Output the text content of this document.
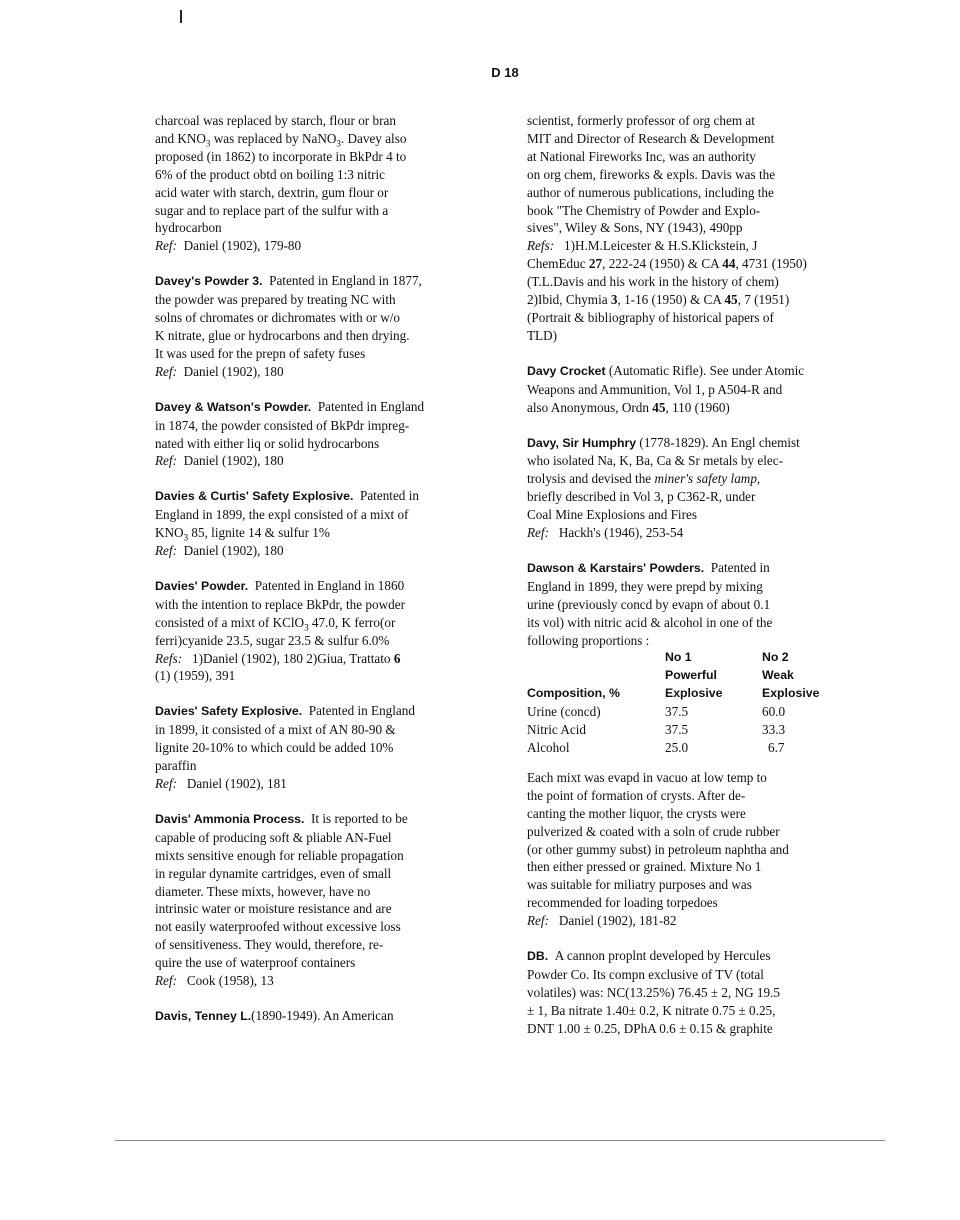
D 18
charcoal was replaced by starch, flour or bran
and $KNO_3$ was replaced by NaNO$_3$. Davey also
proposed (in 1862) to incorporate in BkPdr 4 to
6% of the product obtd on boiling 1:3 nitric
acid water with starch, dextrin, gum flour or
sugar and to replace part of the sulfur with a
hydrocarbon
Ref: Daniel (1902), 179-80
Davey's Powder 3. Patented in England in 1877,
the powder was prepared by treating NC with
solns of chromates or dichromates with or w/o
K nitrate, glue or hydrocarbons and then drying.
It was used for the prepn of safety fuses
Ref: Daniel (1902), 180
Davey & Watson's Powder. Patented in England
in 1874, the powder consisted of BkPdr impreg-
nated with either liq or solid hydrocarbons
Ref: Daniel (1902), 180
Davies & Curtis' Safety Explosive. Patented in
England in 1899, the expl consisted of a mixt of
$KNO_3$ 85, lignite 14 & sulfur 1%
Ref: Daniel (1902), 180
Davies' Powder. Patented in England in 1860
with the intention to replace BkPdr, the powder
consisted of a mixt of KClO$_3$ 47.0, K ferro(or
ferri)cyanide 23.5, sugar 23.5 & sulfur 6.0%
Refs: 1)Daniel (1902), 180 2)Giua, Trattato 6
(1) (1959), 391
Davies' Safety Explosive. Patented in England
in 1899, it consisted of a mixt of AN 80-90 &
lignite 20-10% to which could be added 10%
paraffin
Ref: Daniel (1902), 181
Davis' Ammonia Process. It is reported to be
capable of producing soft & pliable AN-Fuel
mixts sensitive enough for reliable propagation
in regular dynamite cartridges, even of small
diameter. These mixts, however, have no
intrinsic water or moisture resistance and are
not easily waterproofed without excessive loss
of sensitiveness. They would, therefore, re-
quire the use of waterproof containers
Ref: Cook (1958), 13
Davis, Tenney L.(1890-1949). An American
scientist, formerly professor of org chem at
MIT and Director of Research & Development
at National Fireworks Inc, was an authority
on org chem, fireworks & expls. Davis was the
author of numerous publications, including the
book "The Chemistry of Powder and Explo-
sives", Wiley & Sons, NY (1943), 490pp
Refs: 1)H.M.Leicester & H.S.Klickstein, J
ChemEduc 27, 222-24 (1950) & CA 44, 4731 (1950)
(T.L.Davis and his work in the history of chem)
2)Ibid, Chymia 3, 1-16 (1950) & CA 45, 7 (1951)
(Portrait & bibliography of historical papers of
TLD)
Davy Crocket (Automatic Rifle). See under Atomic
Weapons and Ammunition, Vol 1, p A504-R and
also Anonymous, Ordn 45, 110 (1960)
Davy, Sir Humphry (1778-1829). An Engl chemist
who isolated Na, K, Ba, Ca & Sr metals by elec-
trolysis and devised the miner's safety lamp,
briefly described in Vol 3, p C362-R, under
Coal Mine Explosions and Fires
Ref: Hackh's (1946), 253-54
Dawson & Karstairs' Powders. Patented in
England in 1899, they were prepd by mixing
urine (previously concd by evapn of about 0.1
its vol) with nitric acid & alcohol in one of the
following proportions :
	No 1	No 2
	Powerful	Weak
Composition, %	Explosive	Explosive
Urine (concd)	37.5	60.0
Nitric Acid	37.5	33.3
Alcohol	25.0	6.7
Each mixt was evapd in vacuo at low temp to
the point of formation of crysts. After de-
canting the mother liquor, the crysts were
pulverized & coated with a soln of crude rubber
(or other gummy subst) in petroleum naphtha and
then either pressed or grained. Mixture No 1
was suitable for miliatry purposes and was
recommended for loading torpedoes
Ref: Daniel (1902), 181-82
DB. A cannon proplnt developed by Hercules
Powder Co. Its compn exclusive of TV (total
volatiles) was: NC(13.25%) 76.45 ± 2, NG 19.5
± 1, Ba nitrate 1.40± 0.2, K nitrate 0.75 ± 0.25,
DNT 1.00 ± 0.25, DPhA 0.6 ± 0.15 & graphite
